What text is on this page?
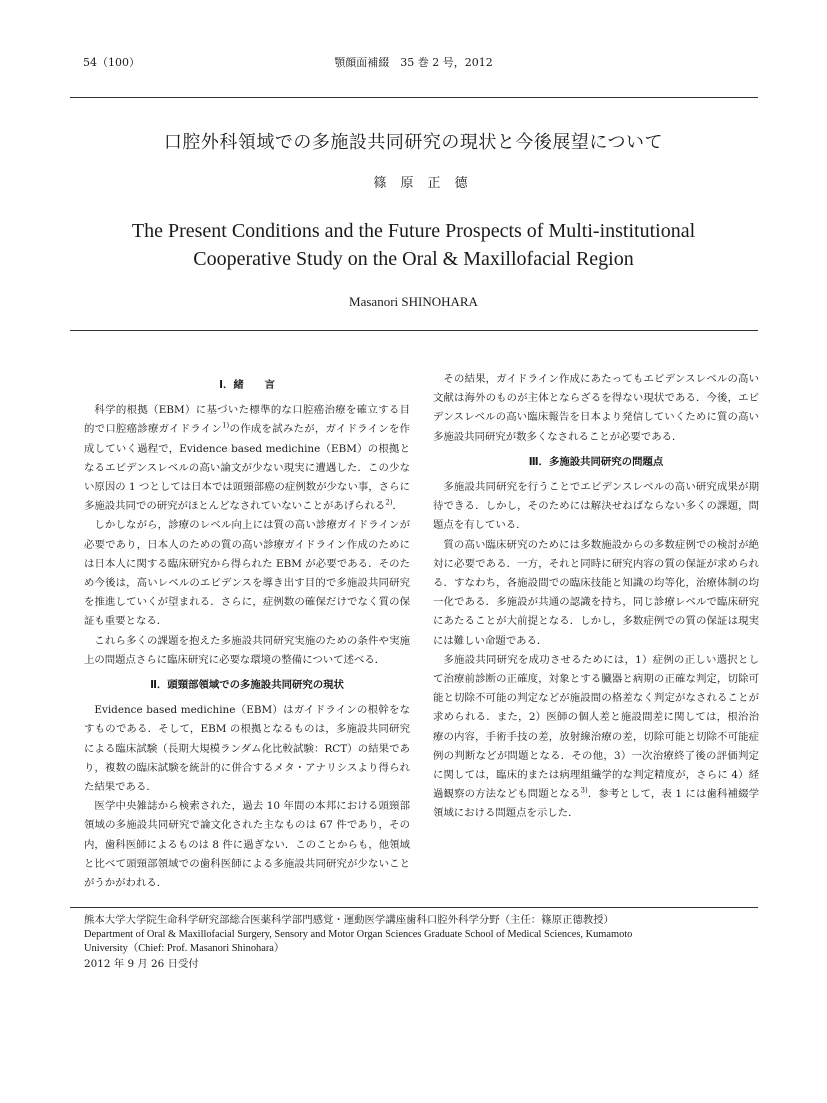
54（100）	顎顔面補綴　35 巻 2 号，2012
口腔外科領域での多施設共同研究の現状と今後展望について
篠原正德
The Present Conditions and the Future Prospects of Multi-institutional
Cooperative Study on the Oral & Maxillofacial Region
Masanori SHINOHARA
Ⅰ．緒　　言

科学的根拠（EBM）に基づいた標準的な口腔癌治療を確立する目的で口腔癌診療ガイドライン$^{1)}$の作成を試みたが，ガイドラインを作成していく過程で，Evidence based medichine（EBM）の根拠となるエビデンスレベルの高い論文が少ない現実に遭遇した．この少ない原因の 1 つとしては日本では頭頸部癌の症例数が少ない事，さらに多施設共同での研究がほとんどなされていないことがあげられる$^{2)}$．

しかしながら，診療のレベル向上には質の高い診療ガイドラインが必要であり，日本人のための質の高い診療ガイドライン作成のためには日本人に関する臨床研究から得られた EBM が必要である．そのため今後は，高いレベルのエビデンスを導き出す目的で多施設共同研究を推進していくが望まれる．さらに，症例数の確保だけでなく質の保証も重要となる．

これら多くの課題を抱えた多施設共同研究実施のための条件や実施上の問題点さらに臨床研究に必要な環境の整備について述べる．

Ⅱ．頭頸部領域での多施設共同研究の現状

Evidence based medichine（EBM）はガイドラインの根幹をなすものである．そして，EBM の根拠となるものは，多施設共同研究による臨床試験（長期大規模ランダム化比較試験：RCT）の結果であり，複数の臨床試験を統計的に併合するメタ・アナリシスより得られた結果である．

医学中央雑誌から検索された，過去 10 年間の本邦における頭頸部領域の多施設共同研究で論文化された主なものは 67 件であり，その内，歯科医師によるものは 8 件に過ぎない．このことからも，他領域と比べて頭頸部領域での歯科医師による多施設共同研究が少ないことがうかがわれる．

その結果，ガイドライン作成にあたってもエビデンスレベルの高い文献は海外のものが主体とならざるを得ない現状である．今後，エビデンスレベルの高い臨床報告を日本より発信していくために質の高い多施設共同研究が数多くなされることが必要である．

Ⅲ．多施設共同研究の問題点

多施設共同研究を行うことでエビデンスレベルの高い研究成果が期待できる．しかし，そのためには解決せねばならない多くの課題，問題点を有している．

質の高い臨床研究のためには多数施設からの多数症例での検討が絶対に必要である．一方，それと同時に研究内容の質の保証が求められる．すなわち，各施設間での臨床技能と知識の均等化，治療体制の均一化である．多施設が共通の認識を持ち，同じ診療レベルで臨床研究にあたることが大前提となる．しかし，多数症例での質の保証は現実には難しい命題である．

多施設共同研究を成功させるためには，1）症例の正しい選択として治療前診断の正確度，対象とする臓器と病期の正確な判定，切除可能と切除不可能の判定などが施設間の格差なく判定がなされることが求められる．また，2）医師の個人差と施設間差に関しては，根治治療の内容，手術手技の差，放射線治療の差，切除可能と切除不可能症例の判断などが問題となる．その他，3）一次治療終了後の評価判定に関しては，臨床的または病理組織学的な判定精度が，さらに 4）経過観察の方法なども問題となる$^{3)}$．参考として，表 1 には歯科補綴学領域における問題点を示した．

熊本大学大学院生命科学研究部総合医薬科学部門感覚・運動医学講座歯科口腔外科学分野（主任：篠原正德教授）
Department of Oral & Maxillofacial Surgery, Sensory and Motor Organ Sciences Graduate School of Medical Sciences, Kumamoto
University（Chief: Prof. Masanori Shinohara）
2012 年 9 月 26 日受付
